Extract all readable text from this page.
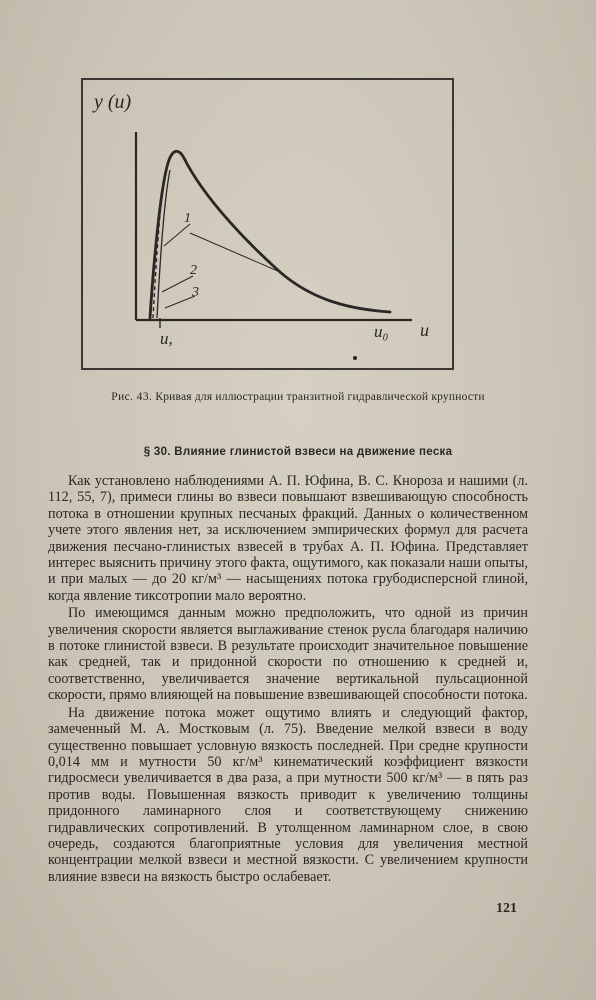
y (u)
u
u,	u₀
1
2
3
Рис. 43. Кривая для иллюстрации транзитной гидравлической крупности
§ 30. Влияние глинистой взвеси на движение песка

Как установлено наблюдениями А. П. Юфина, В. С. Кнороза и нашими (л. 112, 55, 7), примеси глины во взвеси повышают взвешивающую способность потока в отношении крупных песчаных фракций. Данных о количественном учете этого явления нет, за исключением эмпирических формул для расчета движения песчано-глинистых взвесей в трубах А. П. Юфина. Представляет интерес выяснить причину этого факта, ощутимого, как показали наши опыты, и при малых — до 20 кг/м³ — насыщениях потока грубодисперсной глиной, когда явление тиксотропии мало вероятно.

По имеющимся данным можно предположить, что одной из причин увеличения скорости является выглаживание стенок русла благодаря наличию в потоке глинистой взвеси. В результате происходит значительное повышение как средней, так и придонной скорости по отношению к средней и, соответственно, увеличивается значение вертикальной пульсационной скорости, прямо влияющей на повышение взвешивающей способности потока.

На движение потока может ощутимо влиять и следующий фактор, замеченный М. А. Мостковым (л. 75). Введение мелкой взвеси в воду существенно повышает условную вязкость последней. При средне крупности 0,014 мм и мутности 50 кг/м³ кинематический коэффициент вязкости гидросмеси увеличивается в два раза, а при мутности 500 кг/м³ — в пять раз против воды. Повышенная вязкость приводит к увеличению толщины придонного ламинарного слоя и соответствующему снижению гидравлических сопротивлений. В утолщенном ламинарном слое, в свою очередь, создаются благоприятные условия для увеличения местной концентрации мелкой взвеси и местной вязкости. С увеличением крупности влияние взвеси на вязкость быстро ослабевает.

121
